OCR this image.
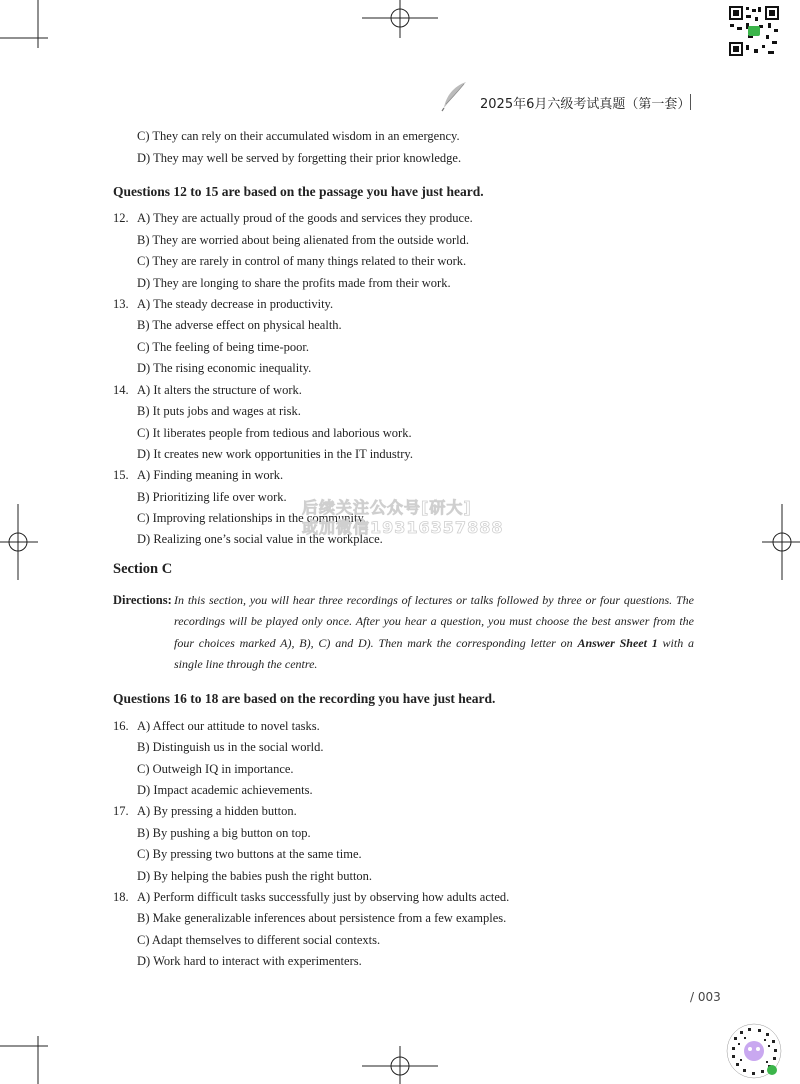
2025年6月六级考试真题（第一套）
C) They can rely on their accumulated wisdom in an emergency.
D) They may well be served by forgetting their prior knowledge.
Questions 12 to 15 are based on the passage you have just heard.
12. A) They are actually proud of the goods and services they produce.
B) They are worried about being alienated from the outside world.
C) They are rarely in control of many things related to their work.
D) They are longing to share the profits made from their work.
13. A) The steady decrease in productivity.
B) The adverse effect on physical health.
C) The feeling of being time-poor.
D) The rising economic inequality.
14. A) It alters the structure of work.
B) It puts jobs and wages at risk.
C) It liberates people from tedious and laborious work.
D) It creates new work opportunities in the IT industry.
15. A) Finding meaning in work.
B) Prioritizing life over work.
C) Improving relationships in the community.
D) Realizing one’s social value in the workplace.
后续关注公众号[研大]
或加微信19316357888
Section C
Directions: In this section, you will hear three recordings of lectures or talks followed by three or four questions. The
recordings will be played only once. After you hear a question, you must choose the best answer from the
four choices marked A), B), C) and D). Then mark the corresponding letter on Answer Sheet 1 with a
single line through the centre.
Questions 16 to 18 are based on the recording you have just heard.
16. A) Affect our attitude to novel tasks.
B) Distinguish us in the social world.
C) Outweigh IQ in importance.
D) Impact academic achievements.
17. A) By pressing a hidden button.
B) By pushing a big button on top.
C) By pressing two buttons at the same time.
D) By helping the babies push the right button.
18. A) Perform difficult tasks successfully just by observing how adults acted.
B) Make generalizable inferences about persistence from a few examples.
C) Adapt themselves to different social contexts.
D) Work hard to interact with experimenters.
/ 003
